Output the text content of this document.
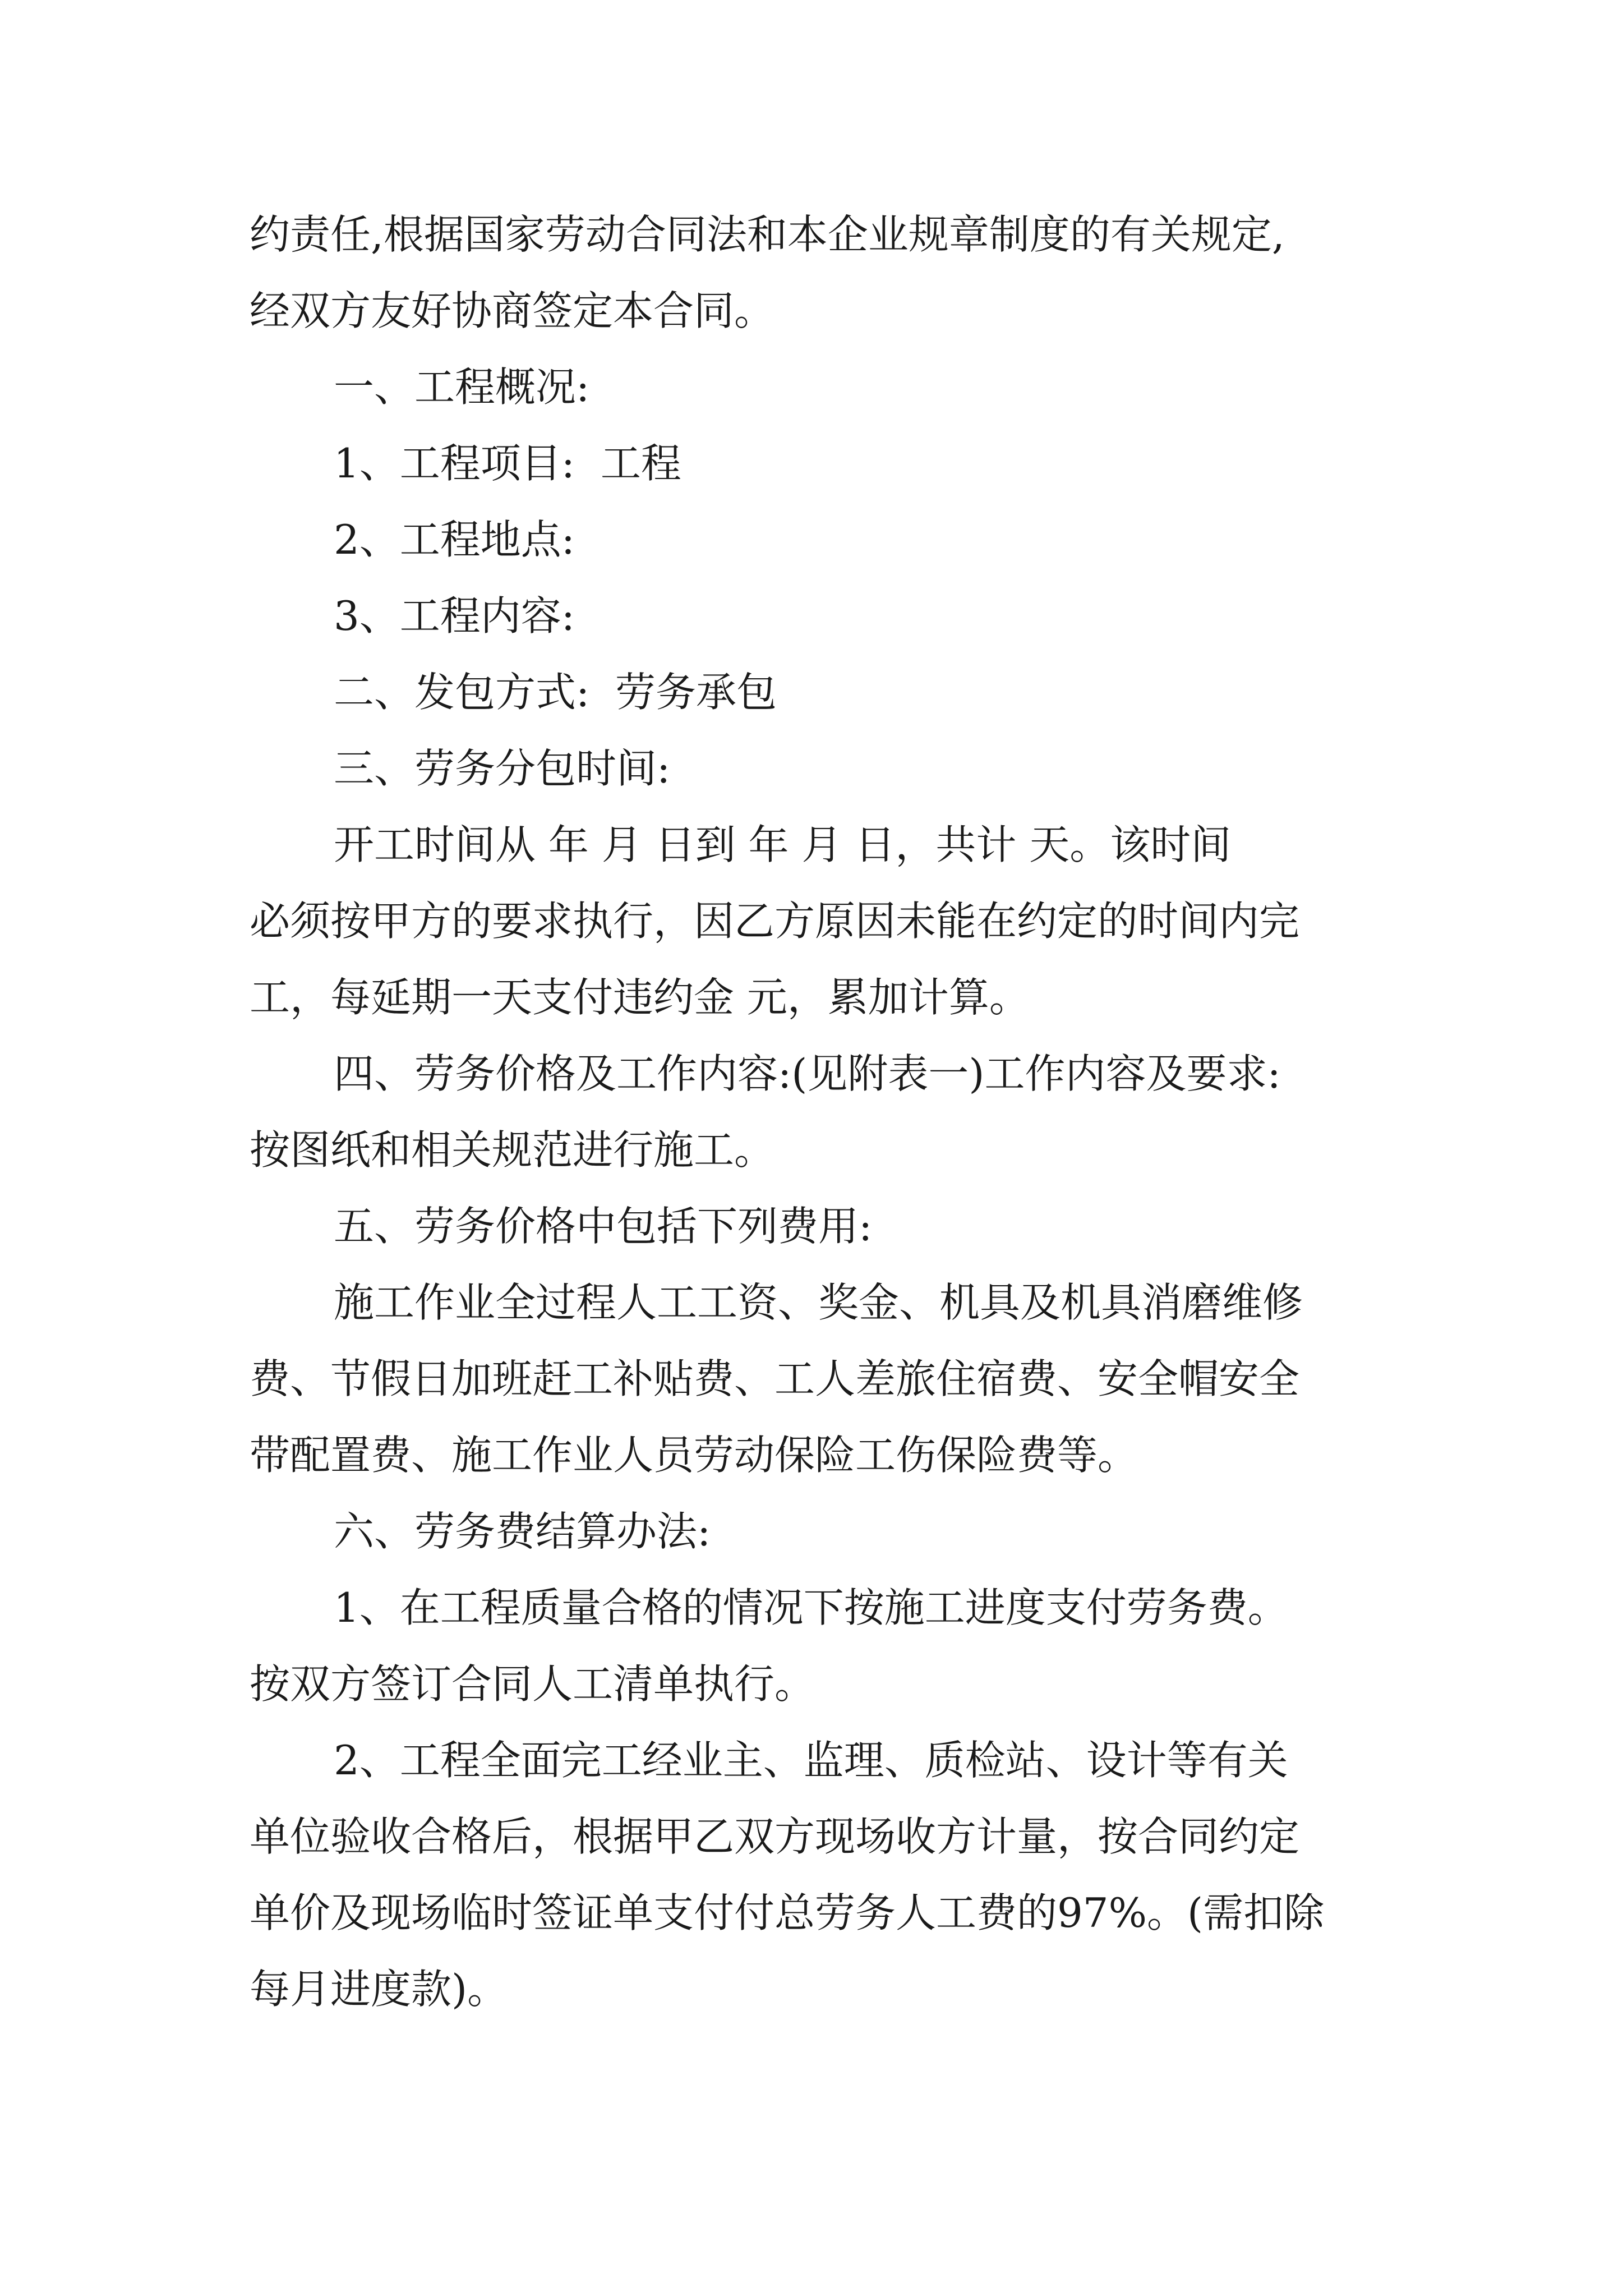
约责任,根据国家劳动合同法和本企业规章制度的有关规定,
经双方友好协商签定本合同。
一、工程概况:
1、工程项目:  工程
2、工程地点:
3、工程内容:
二、发包方式:  劳务承包
三、劳务分包时间:
开工时间从 年 月 日到 年 月 日，共计 天。该时间
必须按甲方的要求执行，因乙方原因未能在约定的时间内完
工，每延期一天支付违约金 元，累加计算。
四、劳务价格及工作内容:(见附表一)工作内容及要求:
按图纸和相关规范进行施工。
五、劳务价格中包括下列费用:
施工作业全过程人工工资、奖金、机具及机具消磨维修
费、节假日加班赶工补贴费、工人差旅住宿费、安全帽安全
带配置费、施工作业人员劳动保险工伤保险费等。
六、劳务费结算办法:
1、在工程质量合格的情况下按施工进度支付劳务费。
按双方签订合同人工清单执行。
2、工程全面完工经业主、监理、质检站、设计等有关
单位验收合格后，根据甲乙双方现场收方计量，按合同约定
单价及现场临时签证单支付付总劳务人工费的97%。(需扣除
每月进度款)。
